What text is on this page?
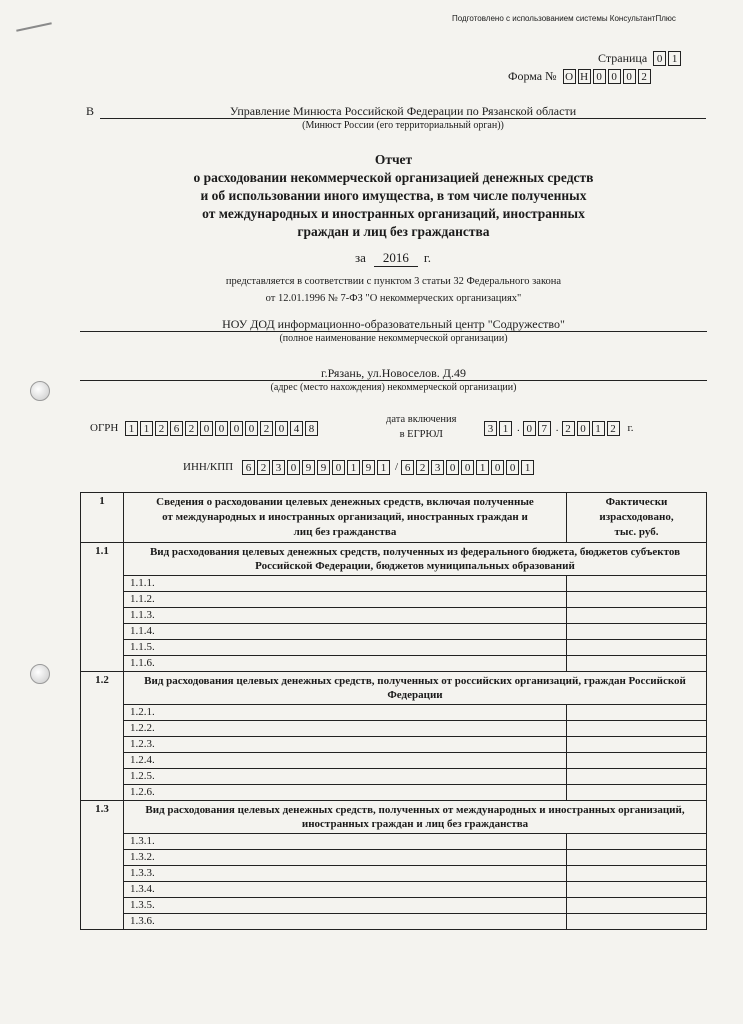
Подготовлено с использованием системы КонсультантПлюс
Страница 0 1
Форма № О Н 0 0 0 2
В	Управление Минюста Российской Федерации по Рязанской области
(Минюст России (его территориальный орган))
Отчет
о расходовании некоммерческой организацией денежных средств
и об использовании иного имущества, в том числе полученных
от международных и иностранных организаций, иностранных
граждан и лиц без гражданства
за	2016	г.
представляется в соответствии с пунктом 3 статьи 32 Федерального закона
от 12.01.1996 № 7-ФЗ "О некоммерческих организациях"
НОУ ДОД информационно-образовательный центр "Содружество"
(полное наименование некоммерческой организации)
г.Рязань, ул.Новоселов. Д.49
(адрес (место нахождения) некоммерческой организации)
ОГРН 1 1 2 6 2 0 0 0 0 2 0 4 8
дата включения
в ЕГРЮЛ	3 1 . 0 7 . 2 0 1 2	г.
ИНН/КПП	6 2 3 0 9 9 0 1 9 1 / 6 2 3 0 0 1 0 0 1
1	Сведения о расходовании целевых денежных средств, включая полученные от международных и иностранных организаций, иностранных граждан и лиц без гражданства	Фактически
израсходовано,
тыс. руб.

1.1	Вид расходования целевых денежных средств, полученных из федерального бюджета, бюджетов субъектов Российской Федерации, бюджетов муниципальных образований	
	1.1.1.	
	1.1.2.	
	1.1.3.	
	1.1.4.	
	1.1.5.	
	1.1.6.	
1.2	Вид расходования целевых денежных средств, полученных от российских организаций, граждан Российской Федерации	
	1.2.1.	
	1.2.2.	
	1.2.3.	
	1.2.4.	
	1.2.5.	
	1.2.6.	
1.3	Вид расходования целевых денежных средств, полученных от международных и иностранных организаций, иностранных граждан и лиц без гражданства	
	1.3.1.	
	1.3.2.	
	1.3.3.	
	1.3.4.	
	1.3.5.	
	1.3.6.	
